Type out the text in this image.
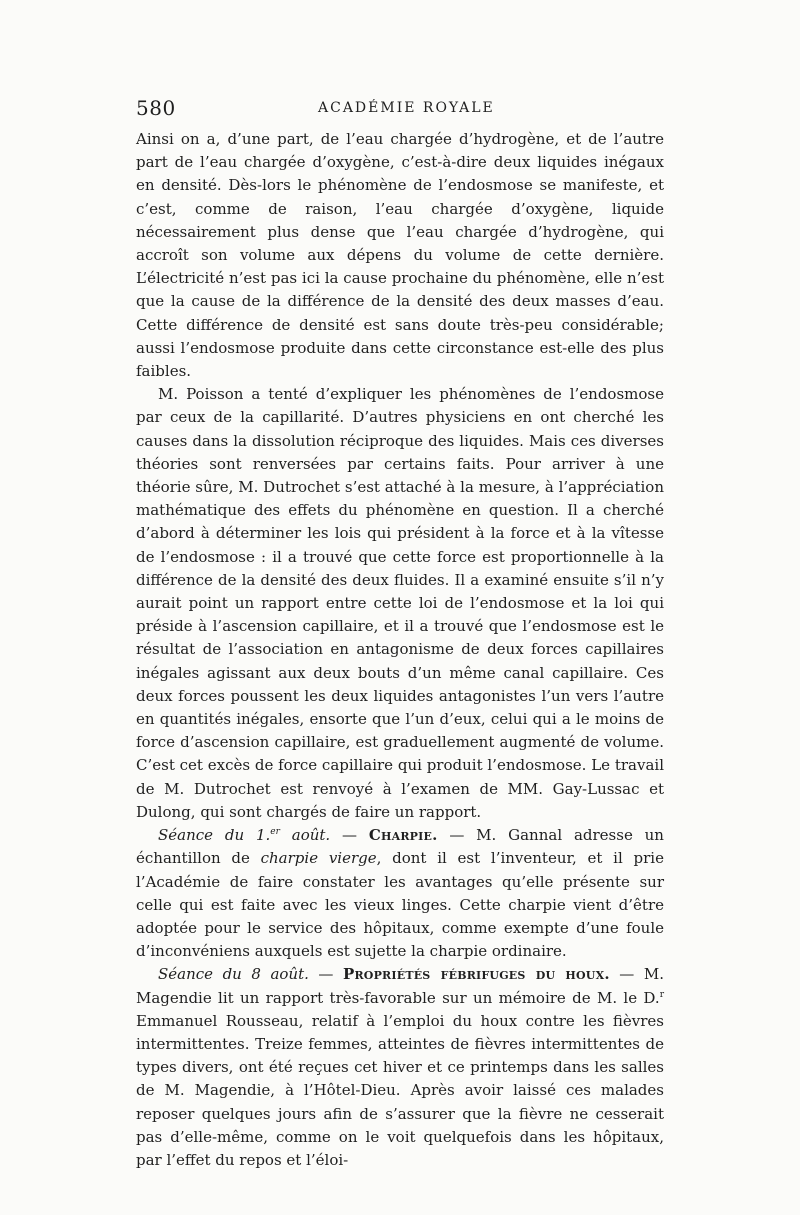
580	ACADÉMIE ROYALE

Ainsi on a, d’une part, de l’eau chargée d’hydrogène, et de l’autre part de l’eau chargée d’oxygène, c’est-à-dire deux liquides inégaux en densité. Dès-lors le phénomène de l’endosmose se manifeste, et c’est, comme de raison, l’eau chargée d’oxygène, liquide nécessairement plus dense que l’eau chargée d’hydrogène, qui accroît son volume aux dépens du volume de cette dernière. L’électricité n’est pas ici la cause prochaine du phénomène, elle n’est que la cause de la différence de la densité des deux masses d’eau. Cette différence de densité est sans doute très-peu considérable; aussi l’endosmose produite dans cette circonstance est-elle des plus faibles.

M. Poisson a tenté d’expliquer les phénomènes de l’endosmose par ceux de la capillarité. D’autres physiciens en ont cherché les causes dans la dissolution réciproque des liquides. Mais ces diverses théories sont renversées par certains faits. Pour arriver à une théorie sûre, M. Dutrochet s’est attaché à la mesure, à l’appréciation mathématique des effets du phénomène en question. Il a cherché d’abord à déterminer les lois qui président à la force et à la vîtesse de l’endosmose : il a trouvé que cette force est proportionnelle à la différence de la densité des deux fluides. Il a examiné ensuite s’il n’y aurait point un rapport entre cette loi de l’endosmose et la loi qui préside à l’ascension capillaire, et il a trouvé que l’endosmose est le résultat de l’association en antagonisme de deux forces capillaires inégales agissant aux deux bouts d’un même canal capillaire. Ces deux forces poussent les deux liquides antagonistes l’un vers l’autre en quantités inégales, ensorte que l’un d’eux, celui qui a le moins de force d’ascension capillaire, est graduellement augmenté de volume. C’est cet excès de force capillaire qui produit l’endosmose. Le travail de M. Dutrochet est renvoyé à l’examen de MM. Gay-Lussac et Dulong, qui sont chargés de faire un rapport.

Séance du 1.$^{er}$ août. — Charpie. — M. Gannal adresse un échantillon de charpie vierge, dont il est l’inventeur, et il prie l’Académie de faire constater les avantages qu’elle présente sur celle qui est faite avec les vieux linges. Cette charpie vient d’être adoptée pour le service des hôpitaux, comme exempte d’une foule d’inconvéniens auxquels est sujette la charpie ordinaire.

Séance du 8 août. — Propriétés fébrifuges du houx. — M. Magendie lit un rapport très-favorable sur un mémoire de M. le D.$^r$ Emmanuel Rousseau, relatif à l’emploi du houx contre les fièvres intermittentes. Treize femmes, atteintes de fièvres intermittentes de types divers, ont été reçues cet hiver et ce printemps dans les salles de M. Magendie, à l’Hôtel-Dieu. Après avoir laissé ces malades reposer quelques jours afin de s’assurer que la fièvre ne cesserait pas d’elle-même, comme on le voit quelquefois dans les hôpitaux, par l’effet du repos et l’éloi-
